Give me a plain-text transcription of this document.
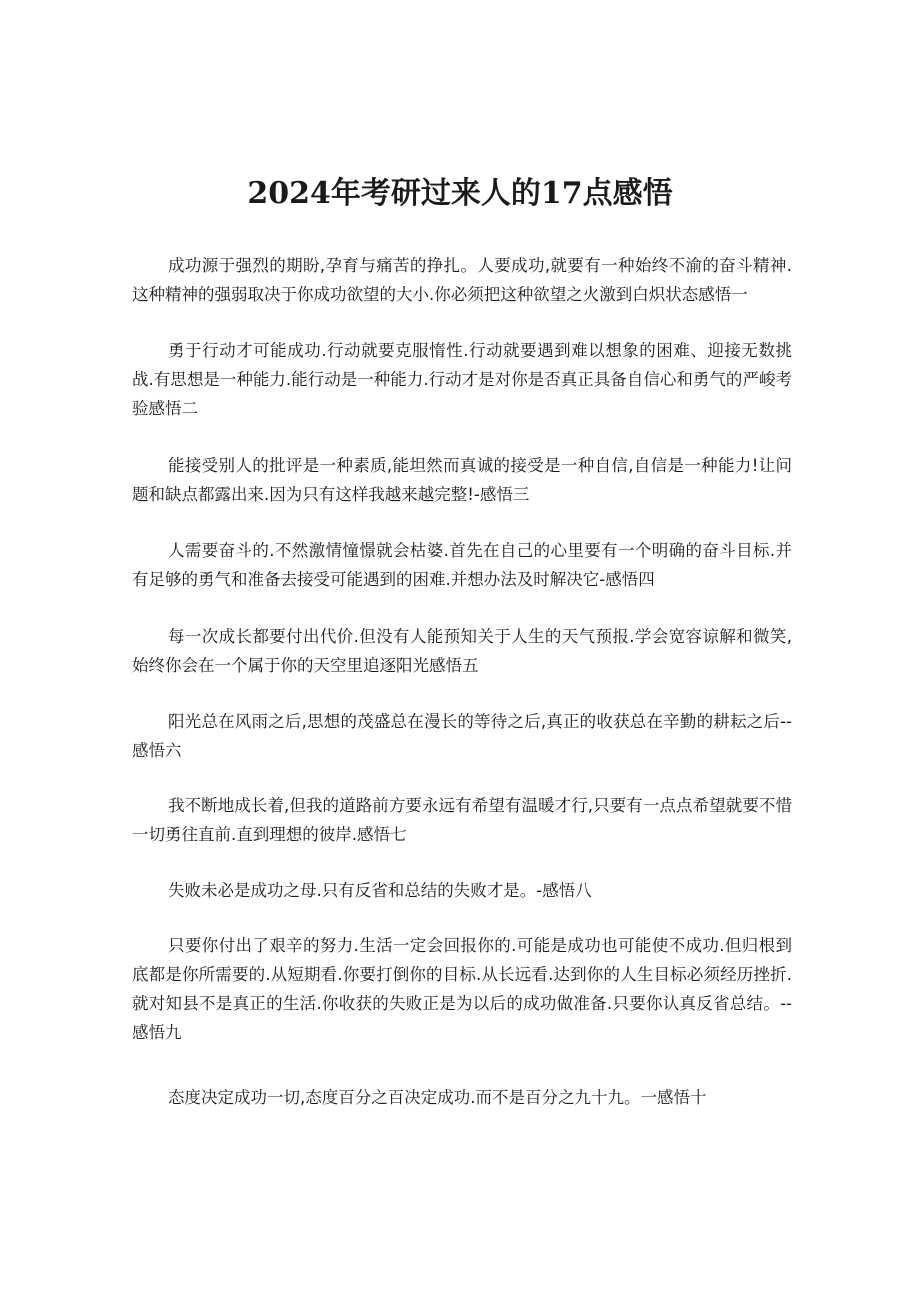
2024年考研过来人的17点感悟

成功源于强烈的期盼,孕育与痛苦的挣扎。人要成功,就要有一种始终不渝的奋斗精神.这种精神的强弱取决于你成功欲望的大小.你必须把这种欲望之火激到白炽状态感悟一

勇于行动才可能成功.行动就要克服惰性.行动就要遇到难以想象的困难、迎接无数挑战.有思想是一种能力.能行动是一种能力.行动才是对你是否真正具备自信心和勇气的严峻考验感悟二

能接受别人的批评是一种素质,能坦然而真诚的接受是一种自信,自信是一种能力!让问题和缺点都露出来.因为只有这样我越来越完整!-感悟三

人需要奋斗的.不然激情憧憬就会枯婆.首先在自己的心里要有一个明确的奋斗目标.并有足够的勇气和准备去接受可能遇到的困难.并想办法及时解决它-感悟四

每一次成长都要付出代价.但没有人能预知关于人生的天气预报.学会宽容谅解和微笑,始终你会在一个属于你的天空里追逐阳光感悟五

阳光总在风雨之后,思想的茂盛总在漫长的等待之后,真正的收获总在辛勤的耕耘之后--感悟六

我不断地成长着,但我的道路前方要永远有希望有温暖才行,只要有一点点希望就要不惜一切勇往直前.直到理想的彼岸.感悟七

失败未必是成功之母.只有反省和总结的失败才是。-感悟八

只要你付出了艰辛的努力.生活一定会回报你的.可能是成功也可能使不成功.但归根到底都是你所需要的.从短期看.你要打倒你的目标.从长远看.达到你的人生目标必须经历挫折.就对知县不是真正的生活.你收获的失败正是为以后的成功做准备.只要你认真反省总结。--感悟九

态度决定成功一切,态度百分之百决定成功.而不是百分之九十九。一感悟十
